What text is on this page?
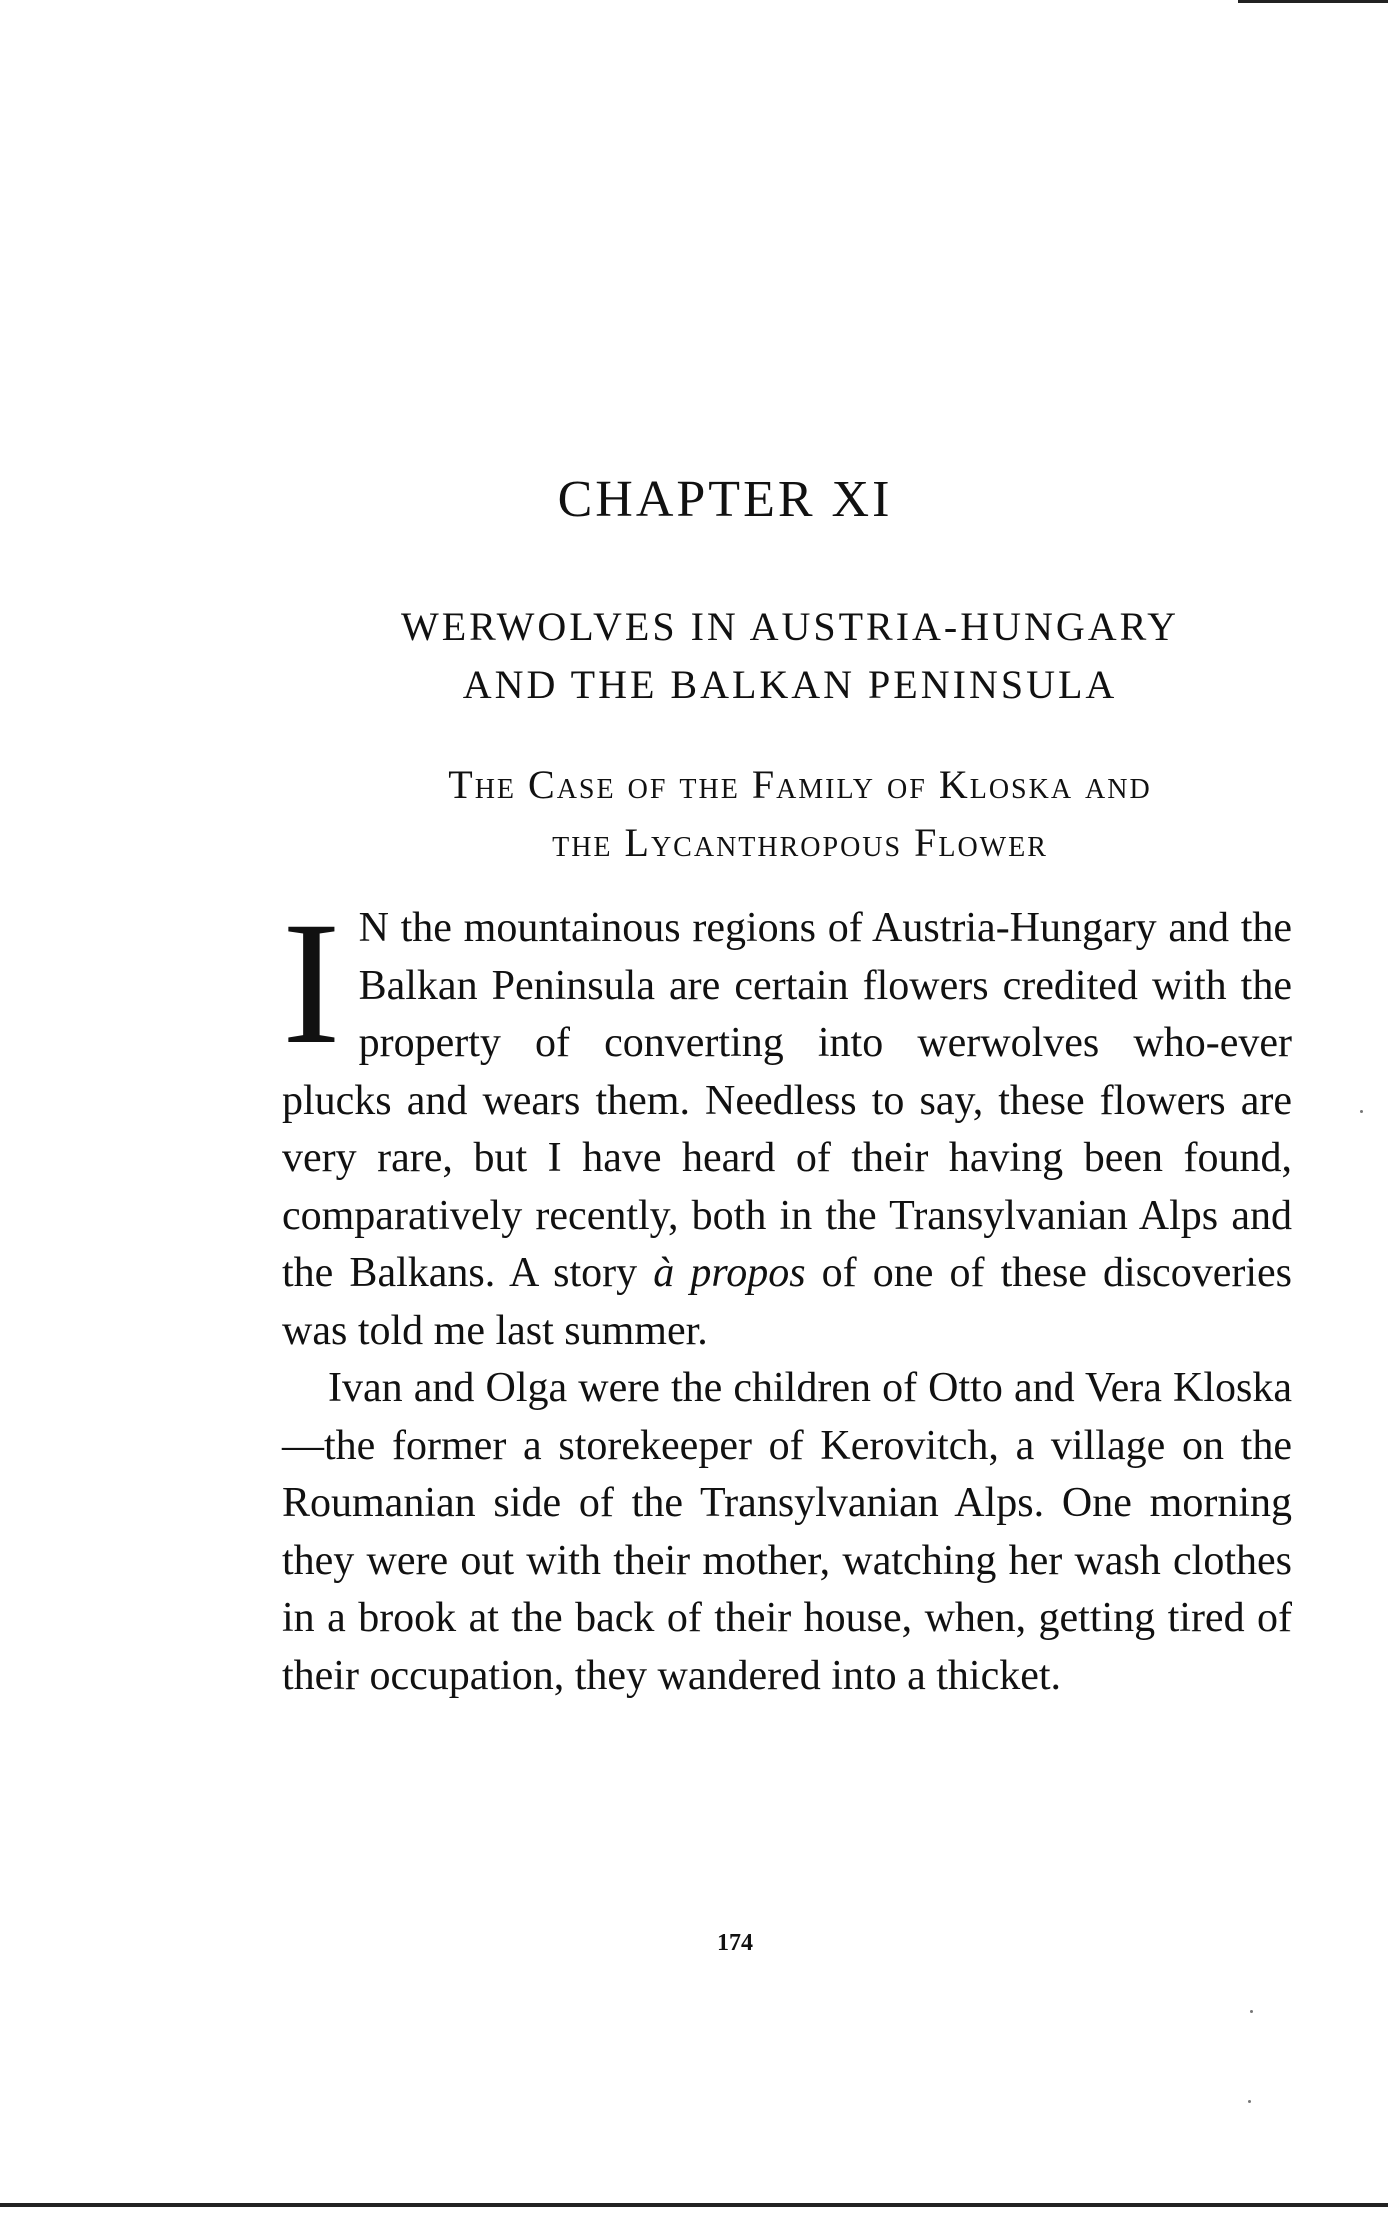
CHAPTER XI
WERWOLVES IN AUSTRIA-HUNGARY
AND THE BALKAN PENINSULA
The Case of the Family of Kloska and
the Lycanthropous Flower

I N the mountainous regions of Austria-Hungary and the Balkan Peninsula are certain flowers credited with the property of converting into werwolves who-ever plucks and wears them. Needless to say, these flowers are very rare, but I have heard of their having been found, comparatively recently, both in the Transylvanian Alps and the Balkans. A story à propos of one of these discoveries was told me last summer.

Ivan and Olga were the children of Otto and Vera Kloska—the former a storekeeper of Kerovitch, a village on the Roumanian side of the Transylvanian Alps. One morning they were out with their mother, watching her wash clothes in a brook at the back of their house, when, getting tired of their occupation, they wandered into a thicket.

174
